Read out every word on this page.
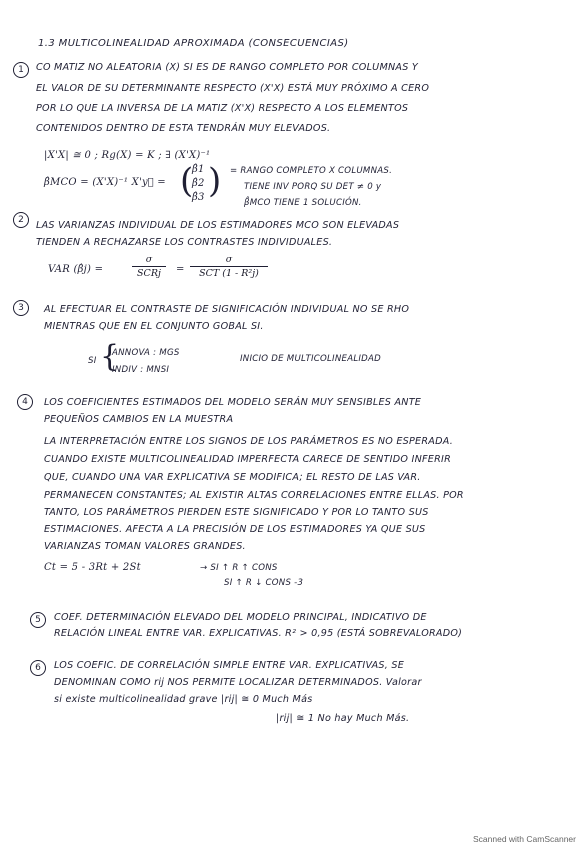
1.3 MULTICOLINEALIDAD APROXIMADA (CONSECUENCIAS)
1	CO MATIZ NO ALEATORIA (X) SI ES DE RANGO COMPLETO POR COLUMNAS Y
EL VALOR DE SU DETERMINANTE RESPECTO (X'X) ESTÁ MUY PRÓXIMO A CERO
POR LO QUE LA INVERSA DE LA MATIZ (X'X) RESPECTO A LOS ELEMENTOS
CONTENIDOS DENTRO DE ESTA TENDRÁN MUY ELEVADOS.
|X'X| ≅ 0 ; Rg(X) = K ; ∃ (X'X)⁻¹
β̂MCO = (X'X)⁻¹ X'y⃗ = (
β̂1
β̂2
β̂3 ) = RANGO COMPLETO X COLUMNAS.
TIENE INV PORQ SU DET ≠ 0 y
β̂MCO TIENE 1 SOLUCIÓN.
2	LAS VARIANZAS INDIVIDUAL DE LOS ESTIMADORES MCO SON ELEVADAS
TIENDEN A RECHAZARSE LOS CONTRASTES INDIVIDUALES.
VAR (β̂j) =
σ
SCRj	=
σ
SCT (1 - R²j)
3	AL EFECTUAR EL CONTRASTE DE SIGNIFICACIÓN INDIVIDUAL NO SE RHO
MIENTRAS QUE EN EL CONJUNTO GOBAL SI.
SI {
ANNOVA : MGS
INDIV : MNSI
INICIO DE MULTICOLINEALIDAD
4	LOS COEFICIENTES ESTIMADOS DEL MODELO SERÁN MUY SENSIBLES ANTE
PEQUEÑOS CAMBIOS EN LA MUESTRA
LA INTERPRETACIÓN ENTRE LOS SIGNOS DE LOS PARÁMETROS ES NO ESPERADA.
CUANDO EXISTE MULTICOLINEALIDAD IMPERFECTA CARECE DE SENTIDO INFERIR
QUE, CUANDO UNA VAR EXPLICATIVA SE MODIFICA; EL RESTO DE LAS VAR.
PERMANECEN CONSTANTES; AL EXISTIR ALTAS CORRELACIONES ENTRE ELLAS. POR
TANTO, LOS PARÁMETROS PIERDEN ESTE SIGNIFICADO Y POR LO TANTO SUS
ESTIMACIONES. AFECTA A LA PRECISIÓN DE LOS ESTIMADORES YA QUE SUS
VARIANZAS TOMAN VALORES GRANDES.
Ct = 5 - 3Rt + 2St	→ SI ↑ R ↑ CONS
SI ↑ R ↓ CONS -3
5	COEF. DETERMINACIÓN ELEVADO DEL MODELO PRINCIPAL, INDICATIVO DE
RELACIÓN LINEAL ENTRE VAR. EXPLICATIVAS. R² > 0,95 (ESTÁ SOBREVALORADO)
6	LOS COEFIC. DE CORRELACIÓN SIMPLE ENTRE VAR. EXPLICATIVAS, SE
DENOMINAN COMO rij NOS PERMITE LOCALIZAR DETERMINADOS. Valorar
si existe multicolinealidad grave |rij| ≅ 0 Much Más
|rij| ≅ 1 No hay Much Más.
Scanned with CamScanner
